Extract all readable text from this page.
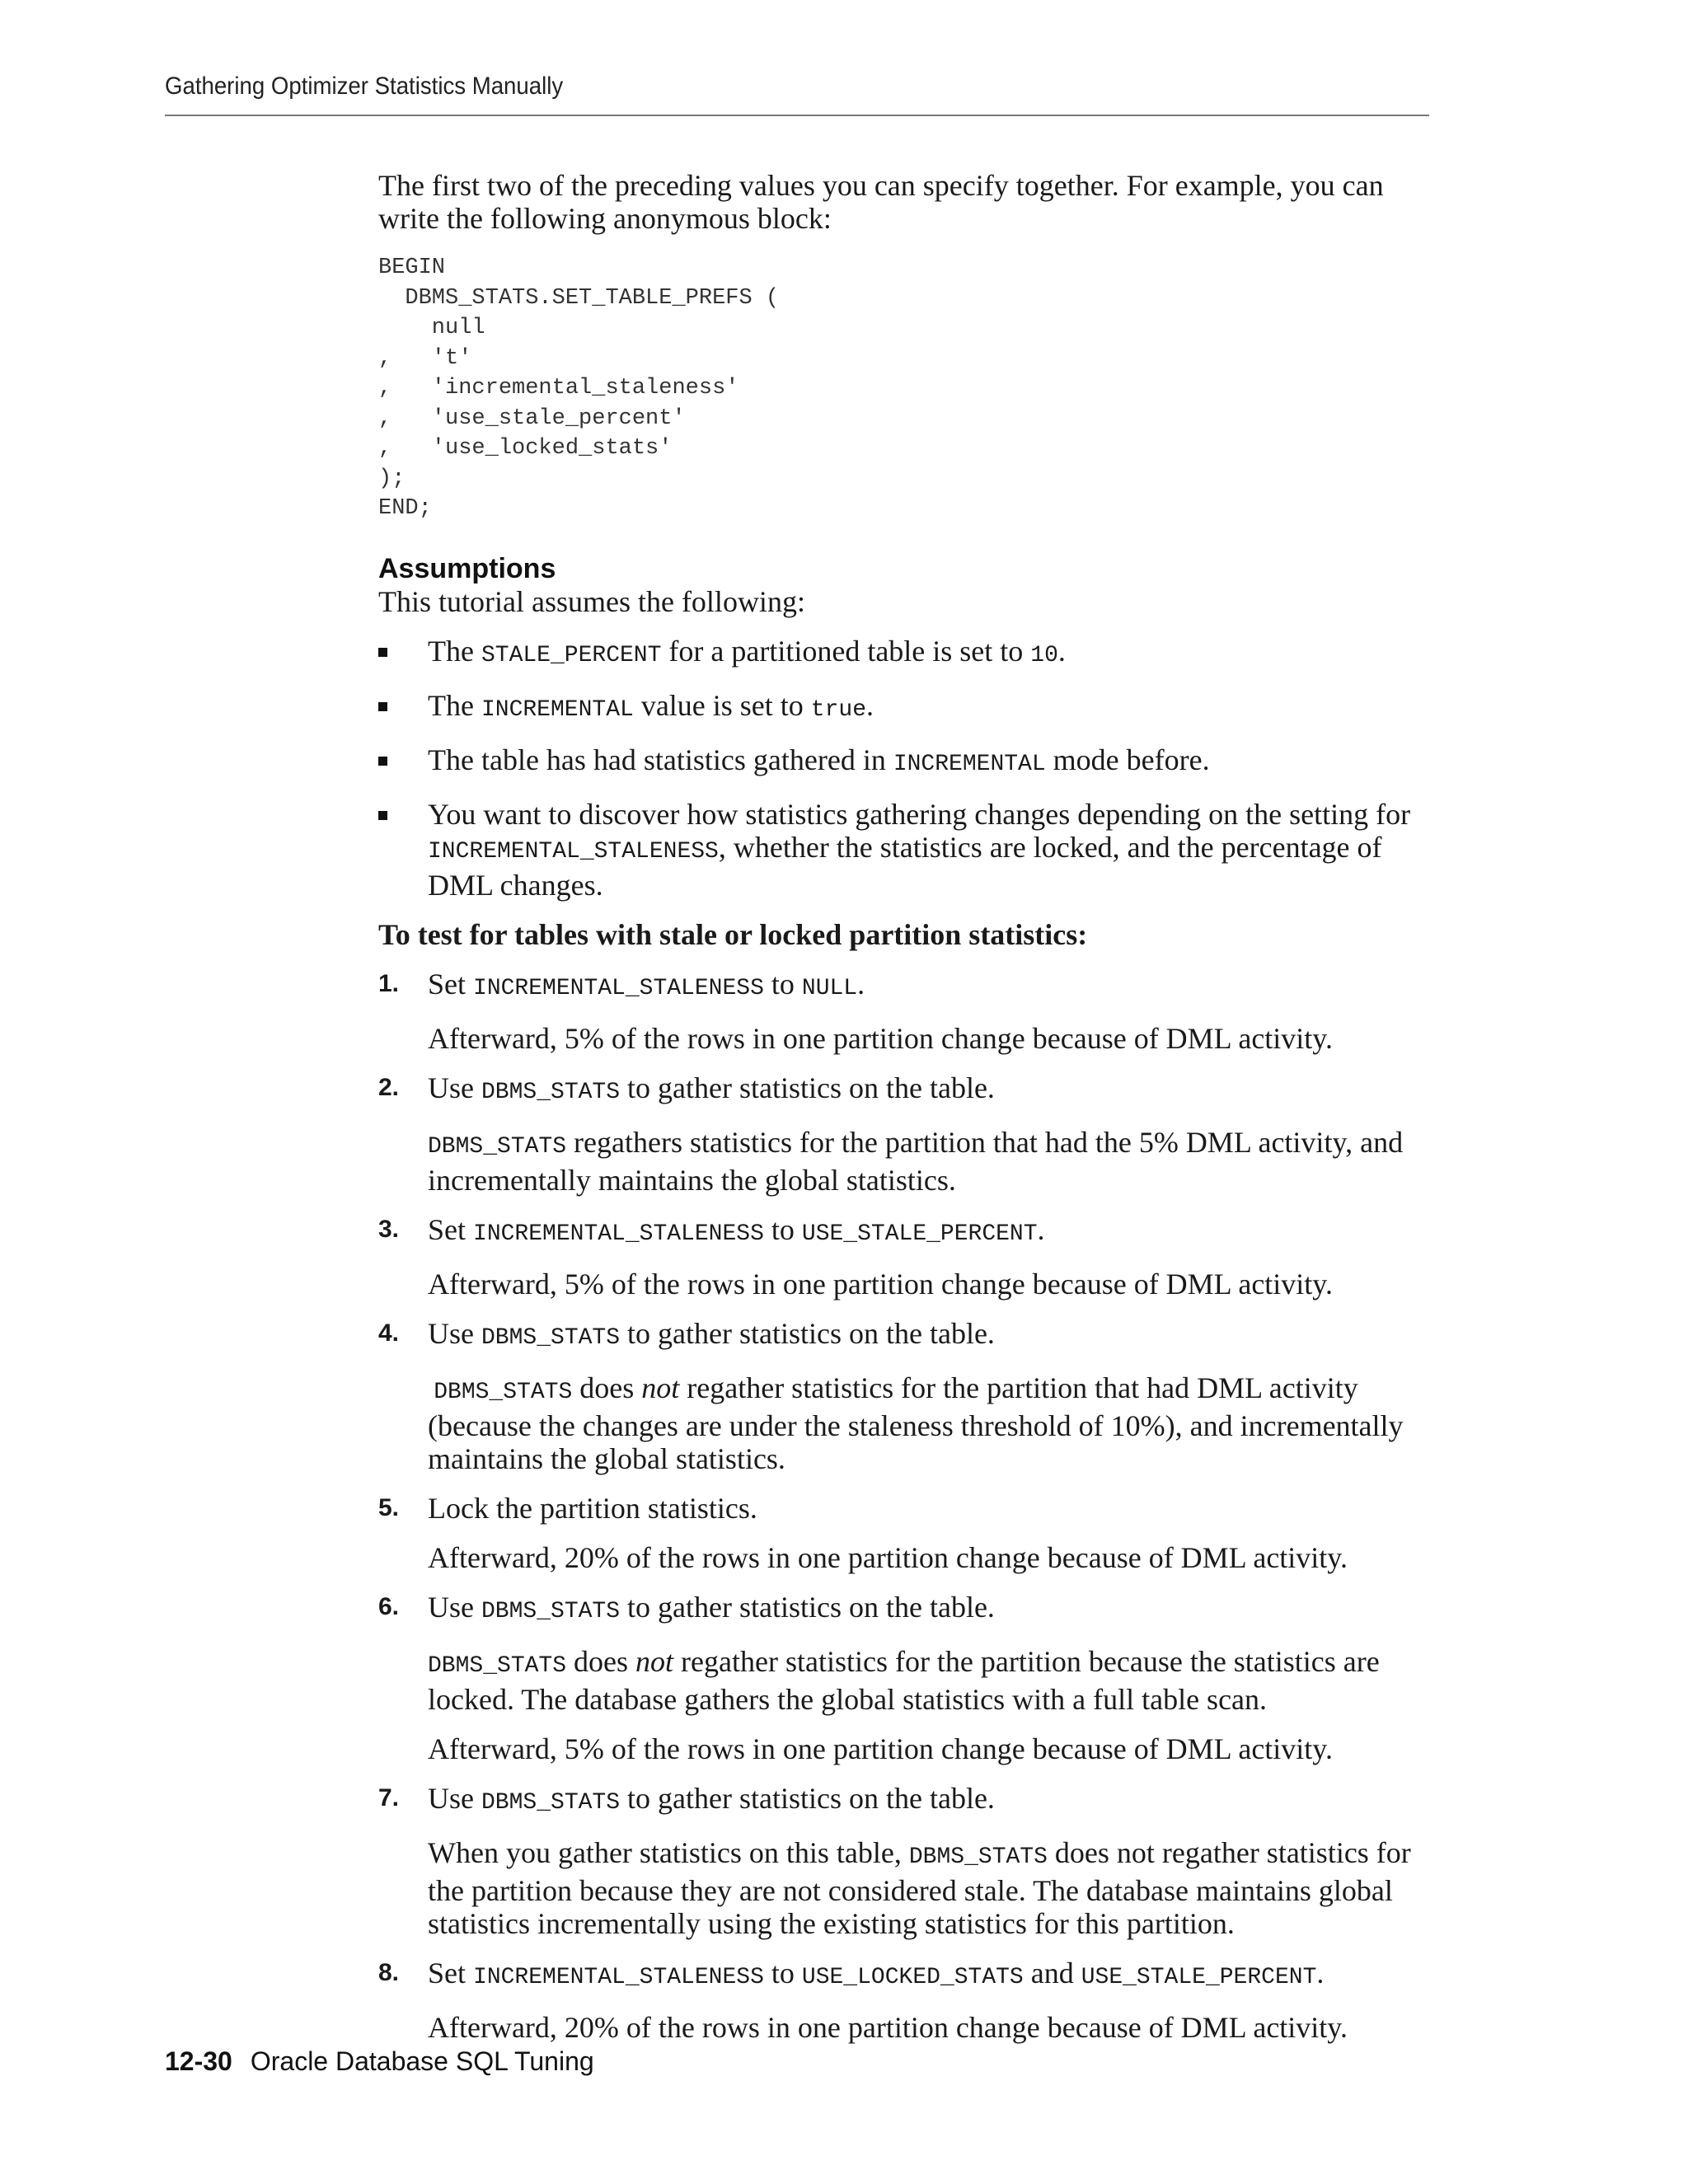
Gathering Optimizer Statistics Manually

The first two of the preceding values you can specify together. For example, you can write the following anonymous block:

BEGIN
DBMS_STATS.SET_TABLE_PREFS (
null
,   't'
,   'incremental_staleness'
,   'use_stale_percent'
,   'use_locked_stats'
);
END;
Assumptions

This tutorial assumes the following:

The STALE_PERCENT for a partitioned table is set to 10.
The INCREMENTAL value is set to true.
The table has had statistics gathered in INCREMENTAL mode before.
You want to discover how statistics gathering changes depending on the setting for INCREMENTAL_STALENESS, whether the statistics are locked, and the percentage of DML changes.

To test for tables with stale or locked partition statistics:

1. Set INCREMENTAL_STALENESS to NULL.

Afterward, 5% of the rows in one partition change because of DML activity.

2. Use DBMS_STATS to gather statistics on the table.

DBMS_STATS regathers statistics for the partition that had the 5% DML activity, and incrementally maintains the global statistics.

3. Set INCREMENTAL_STALENESS to USE_STALE_PERCENT.

Afterward, 5% of the rows in one partition change because of DML activity.

4. Use DBMS_STATS to gather statistics on the table.

 DBMS_STATS does not regather statistics for the partition that had DML activity (because the changes are under the staleness threshold of 10%), and incrementally maintains the global statistics.

5. Lock the partition statistics.

Afterward, 20% of the rows in one partition change because of DML activity.

6. Use DBMS_STATS to gather statistics on the table.

DBMS_STATS does not regather statistics for the partition because the statistics are locked. The database gathers the global statistics with a full table scan.

Afterward, 5% of the rows in one partition change because of DML activity.

7. Use DBMS_STATS to gather statistics on the table.

When you gather statistics on this table, DBMS_STATS does not regather statistics for the partition because they are not considered stale. The database maintains global statistics incrementally using the existing statistics for this partition.

8. Set INCREMENTAL_STALENESS to USE_LOCKED_STATS and USE_STALE_PERCENT.

Afterward, 20% of the rows in one partition change because of DML activity.

12-30 Oracle Database SQL Tuning
